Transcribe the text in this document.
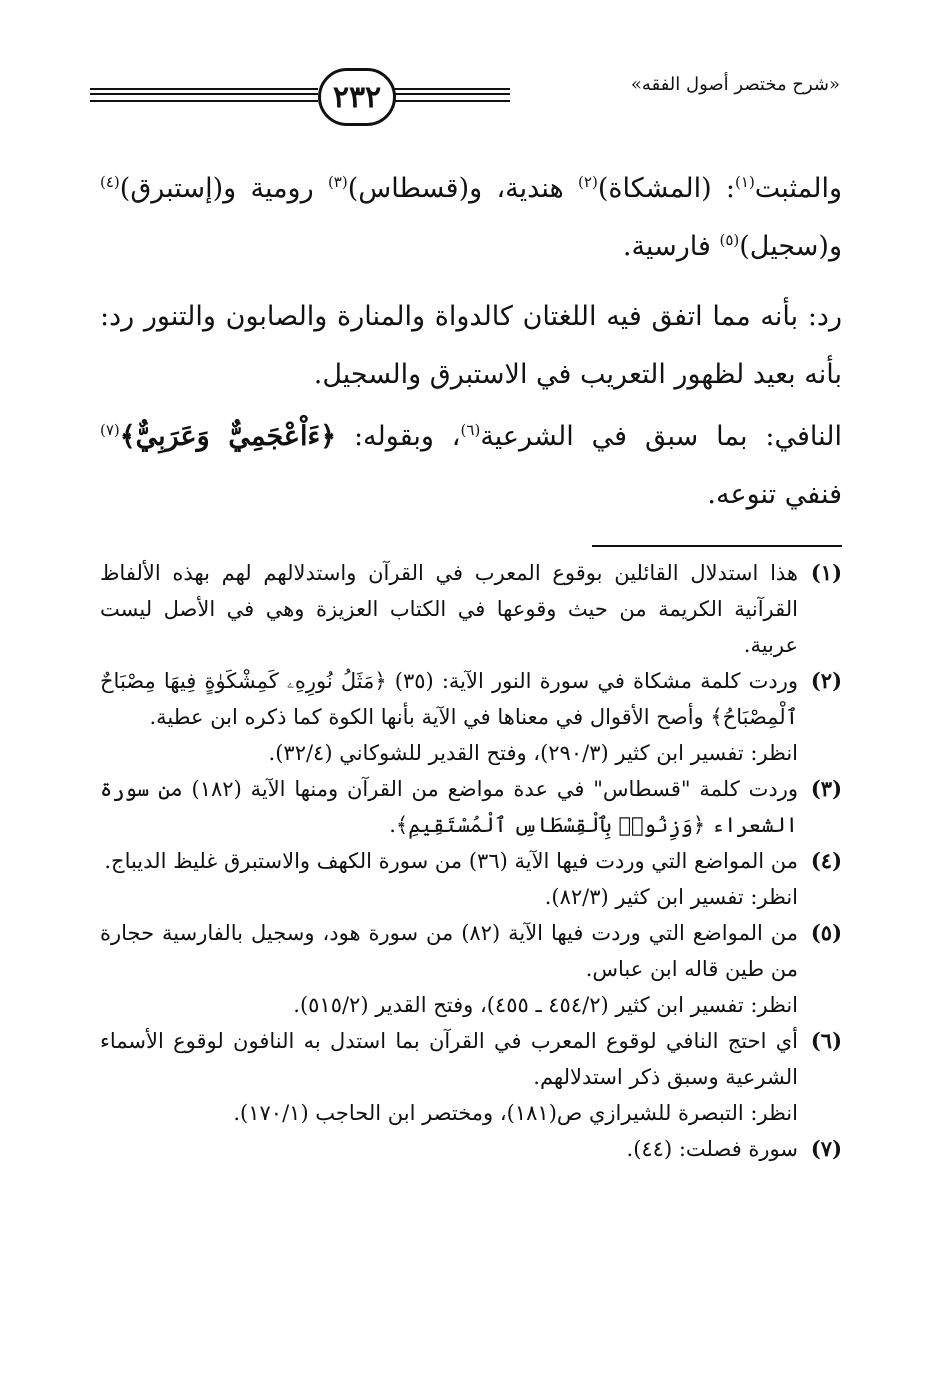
٢٣٢	«شرح مختصر أصول الفقه»

والمثبت$^{(١)}$: (المشكاة)$^{(٢)}$ هندية، و(قسطاس)$^{(٣)}$ رومية و(إستبرق)$^{(٤)}$ و(سجيل)$^{(٥)}$ فارسية.

رد: بأنه مما اتفق فيه اللغتان كالدواة والمنارة والصابون والتنور رد: بأنه بعيد لظهور التعريب في الاستبرق والسجيل.

النافي: بما سبق في الشرعية$^{(٦)}$، وبقوله: ﴿ءَاْعْجَمِيٌّ وَعَرَبِيٌّ﴾$^{(٧)}$ فنفي تنوعه.

(١)
هذا استدلال القائلين بوقوع المعرب في القرآن واستدلالهم لهم بهذه الألفاظ القرآنية الكريمة من حيث وقوعها في الكتاب العزيزة وهي في الأصل ليست عربية.
(٢)
وردت كلمة مشكاة في سورة النور الآية: (٣٥) ﴿مَثَلُ نُورِهِۦ كَمِشْكَوٰةٍ فِيهَا مِصْبَاحٌ ٱلْمِصْبَاحُ﴾ وأصح الأقوال في معناها في الآية بأنها الكوة كما ذكره ابن عطية.
انظر: تفسير ابن كثير (٢٩٠/٣)، وفتح القدير للشوكاني (٣٢/٤).
(٣)
وردت كلمة "قسطاس" في عدة مواضع من القرآن ومنها الآية (١٨٢) من سورة الشعراء ﴿وَزِنُوا۟ بِٱلْقِسْطَاسِ ٱلْمُسْتَقِيمِ﴾.
(٤)
من المواضع التي وردت فيها الآية (٣٦) من سورة الكهف والاستبرق غليظ الديباج.
انظر: تفسير ابن كثير (٨٢/٣).
(٥)
من المواضع التي وردت فيها الآية (٨٢) من سورة هود، وسجيل بالفارسية حجارة من طين قاله ابن عباس.
انظر: تفسير ابن كثير (٤٥٤/٢ ـ ٤٥٥)، وفتح القدير (٥١٥/٢).
(٦)
أي احتج النافي لوقوع المعرب في القرآن بما استدل به النافون لوقوع الأسماء الشرعية وسبق ذكر استدلالهم.
انظر: التبصرة للشيرازي ص(١٨١)، ومختصر ابن الحاجب (١٧٠/١).
(٧)
سورة فصلت: (٤٤).
